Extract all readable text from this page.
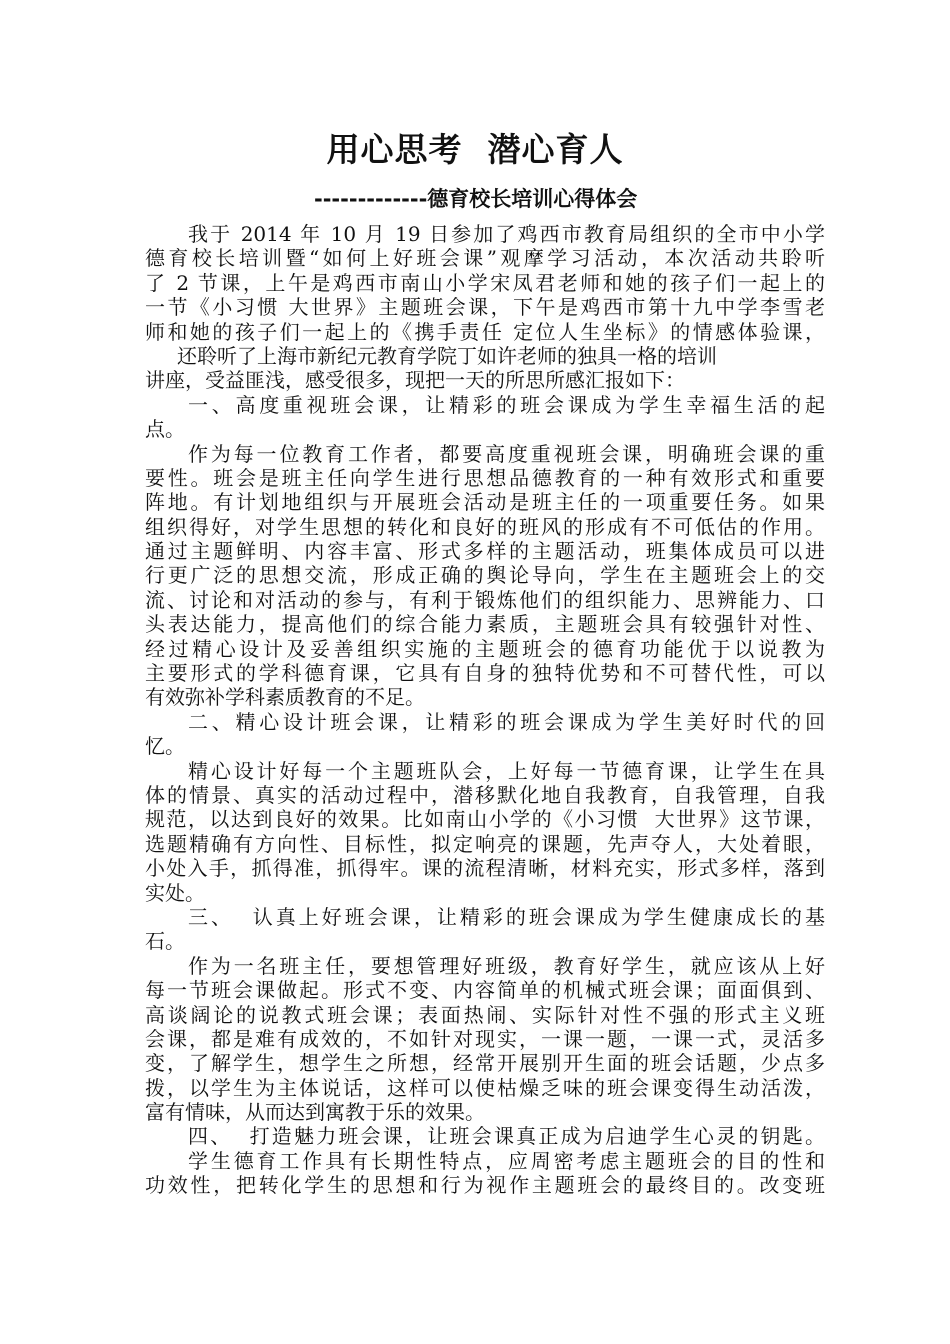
用心思考  潜心育人
-------------德育校长培训心得体会
我于 2014 年 10 月 19 日参加了鸡西市教育局组织的全市中小学
德育校长培训暨“如何上好班会课”观摩学习活动，本次活动共聆听
了 2 节课，上午是鸡西市南山小学宋凤君老师和她的孩子们一起上的
一节《小习惯 大世界》主题班会课，下午是鸡西市第十九中学李雪老
师和她的孩子们一起上的《携手责任 定位人生坐标》的情感体验课，
还聆听了上海市新纪元教育学院丁如许老师的独具一格的培训
讲座，受益匪浅，感受很多，现把一天的所思所感汇报如下：
一、高度重视班会课，让精彩的班会课成为学生幸福生活的起
点。
作为每一位教育工作者，都要高度重视班会课，明确班会课的重
要性。班会是班主任向学生进行思想品德教育的一种有效形式和重要
阵地。有计划地组织与开展班会活动是班主任的一项重要任务。如果
组织得好，对学生思想的转化和良好的班风的形成有不可低估的作用。
通过主题鲜明、内容丰富、形式多样的主题活动，班集体成员可以进
行更广泛的思想交流，形成正确的舆论导向，学生在主题班会上的交
流、讨论和对活动的参与，有利于锻炼他们的组织能力、思辨能力、口
头表达能力，提高他们的综合能力素质，主题班会具有较强针对性、
经过精心设计及妥善组织实施的主题班会的德育功能优于以说教为
主要形式的学科德育课，它具有自身的独特优势和不可替代性，可以
有效弥补学科素质教育的不足。
二、精心设计班会课，让精彩的班会课成为学生美好时代的回
忆。
精心设计好每一个主题班队会，上好每一节德育课，让学生在具
体的情景、真实的活动过程中，潜移默化地自我教育，自我管理，自我
规范，以达到良好的效果。比如南山小学的《小习惯  大世界》这节课，
选题精确有方向性、目标性，拟定响亮的课题，先声夺人，大处着眼，
小处入手，抓得准，抓得牢。课的流程清晰，材料充实，形式多样，落到
实处。
三、  认真上好班会课，让精彩的班会课成为学生健康成长的基
石。
作为一名班主任，要想管理好班级，教育好学生，就应该从上好
每一节班会课做起。形式不变、内容简单的机械式班会课；面面俱到、
高谈阔论的说教式班会课；表面热闹、实际针对性不强的形式主义班
会课，都是难有成效的，不如针对现实，一课一题，一课一式，灵活多
变，了解学生，想学生之所想，经常开展别开生面的班会话题，少点多
拨，以学生为主体说话，这样可以使枯燥乏味的班会课变得生动活泼，
富有情味，从而达到寓教于乐的效果。
四、  打造魅力班会课，让班会课真正成为启迪学生心灵的钥匙。
学生德育工作具有长期性特点，应周密考虑主题班会的目的性和
功效性，把转化学生的思想和行为视作主题班会的最终目的。改变班
